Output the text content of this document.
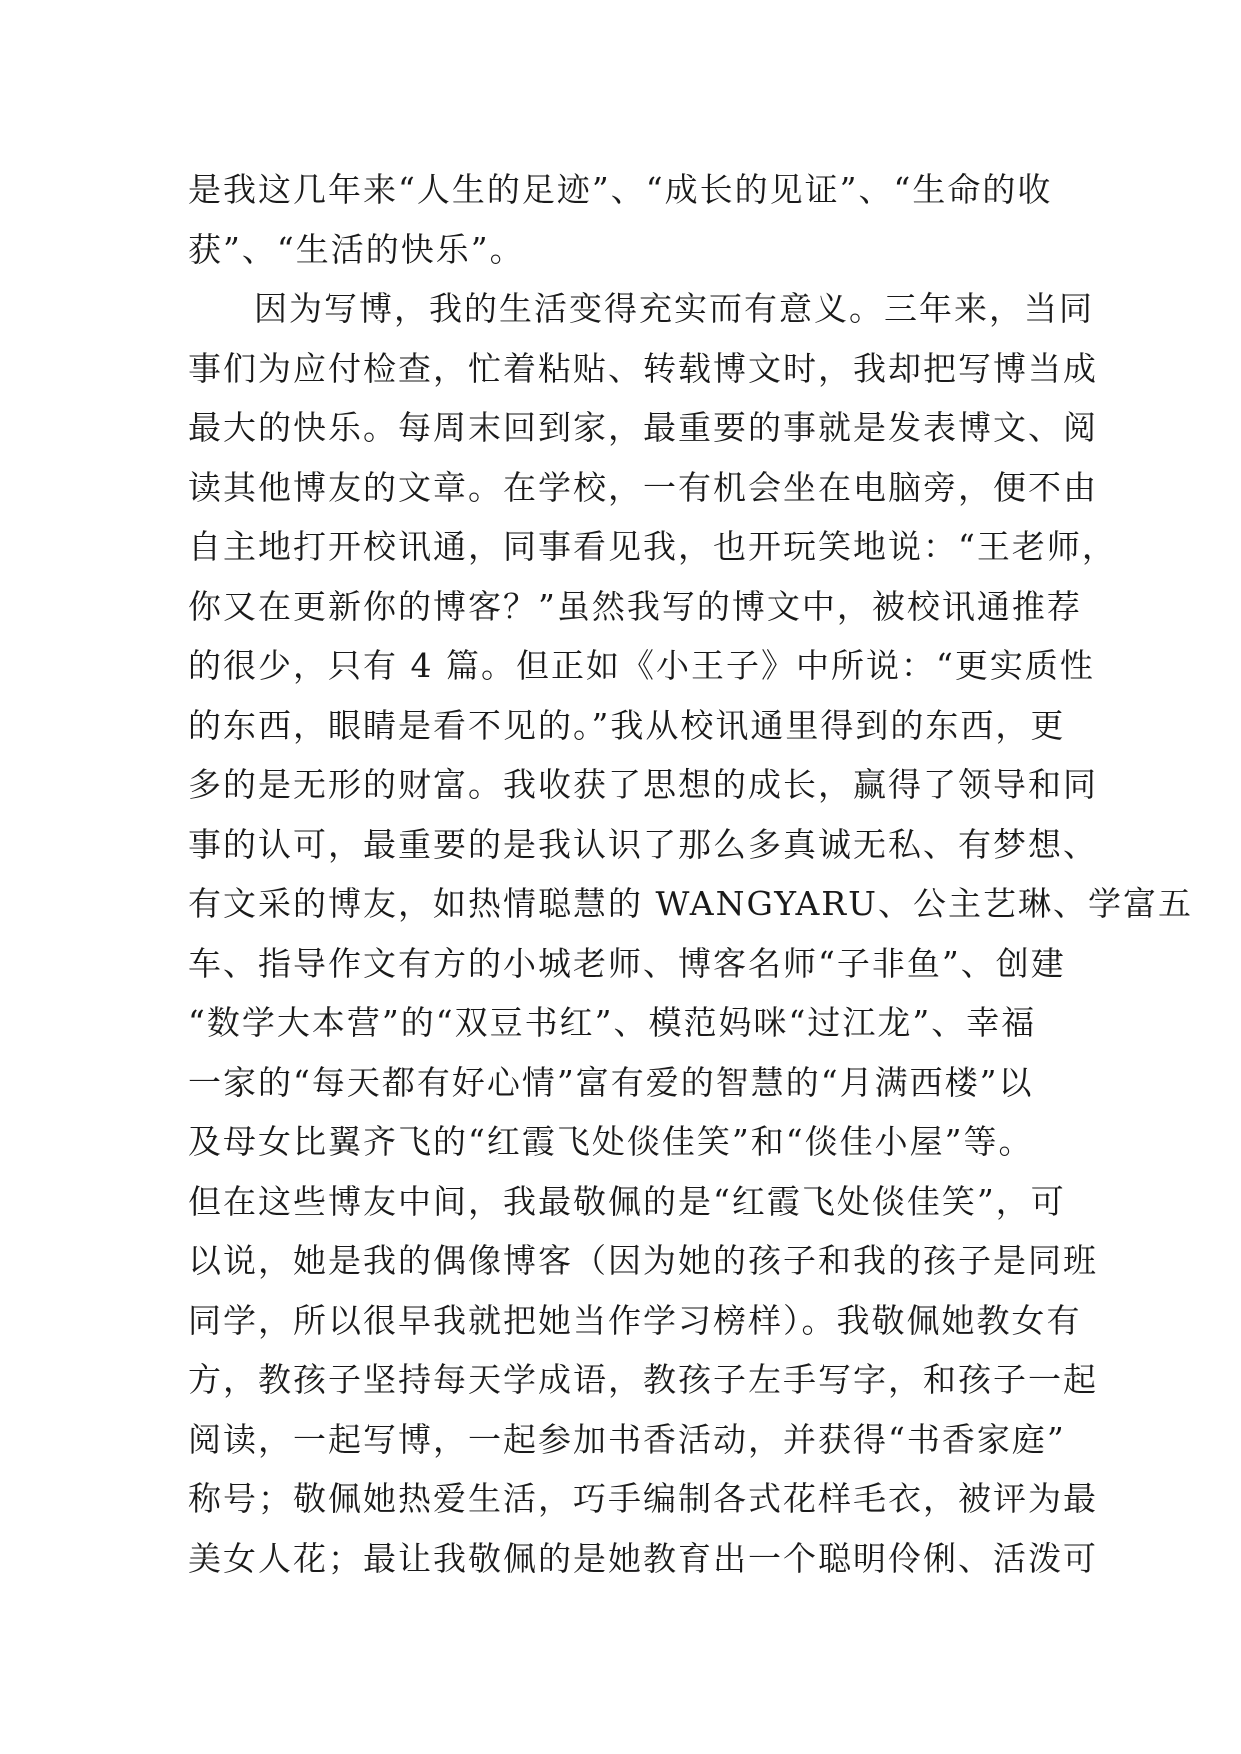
是我这几年来“人生的足迹”、“成长的见证”、“生命的收
获”、“生活的快乐”。
因为写博，我的生活变得充实而有意义。三年来，当同
事们为应付检查，忙着粘贴、转载博文时，我却把写博当成
最大的快乐。每周末回到家，最重要的事就是发表博文、阅
读其他博友的文章。在学校，一有机会坐在电脑旁，便不由
自主地打开校讯通，同事看见我，也开玩笑地说：“王老师，
你又在更新你的博客？”虽然我写的博文中，被校讯通推荐
的很少，只有 4 篇。但正如《小王子》中所说：“更实质性
的东西，眼睛是看不见的。”我从校讯通里得到的东西，更
多的是无形的财富。我收获了思想的成长，赢得了领导和同
事的认可，最重要的是我认识了那么多真诚无私、有梦想、
有文采的博友，如热情聪慧的 WANGYARU、公主艺琳、学富五
车、指导作文有方的小城老师、博客名师“子非鱼”、创建
“数学大本营”的“双豆书红”、模范妈咪“过江龙”、幸福
一家的“每天都有好心情”富有爱的智慧的“月满西楼”以
及母女比翼齐飞的“红霞飞处倓佳笑”和“倓佳小屋”等。
但在这些博友中间，我最敬佩的是“红霞飞处倓佳笑”，可
以说，她是我的偶像博客（因为她的孩子和我的孩子是同班
同学，所以很早我就把她当作学习榜样）。我敬佩她教女有
方，教孩子坚持每天学成语，教孩子左手写字，和孩子一起
阅读，一起写博，一起参加书香活动，并获得“书香家庭”
称号；敬佩她热爱生活，巧手编制各式花样毛衣，被评为最
美女人花；最让我敬佩的是她教育出一个聪明伶俐、活泼可
